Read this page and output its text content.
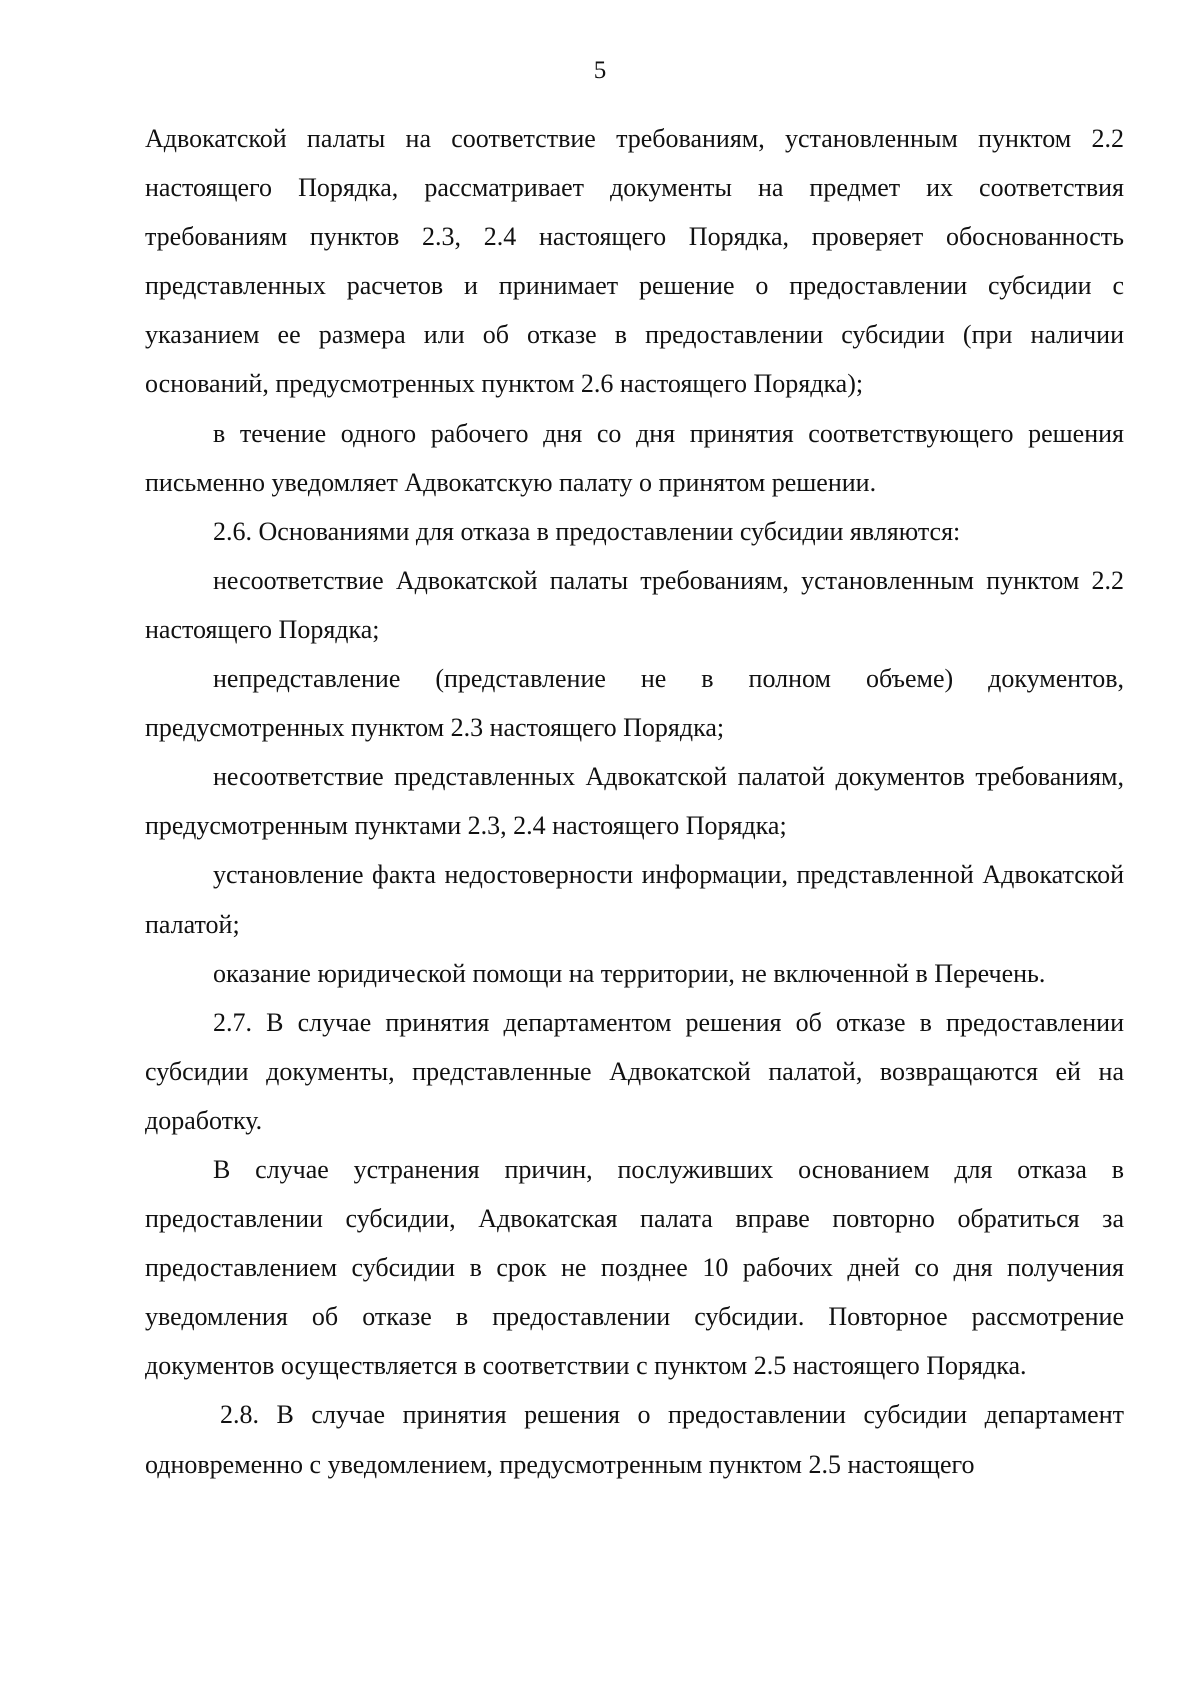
5

Адвокатской палаты на соответствие требованиям, установленным пунктом 2.2 настоящего Порядка, рассматривает документы на предмет их соответствия требованиям пунктов 2.3, 2.4 настоящего Порядка, проверяет обоснованность представленных расчетов и принимает решение о предоставлении субсидии с указанием ее размера или об отказе в предоставлении субсидии (при наличии оснований, предусмотренных пунктом 2.6 настоящего Порядка);

в течение одного рабочего дня со дня принятия соответствующего решения письменно уведомляет Адвокатскую палату о принятом решении.

2.6. Основаниями для отказа в предоставлении субсидии являются:

несоответствие Адвокатской палаты требованиям, установленным пунктом 2.2 настоящего Порядка;

непредставление (представление не в полном объеме) документов, предусмотренных пунктом 2.3 настоящего Порядка;

несоответствие представленных Адвокатской палатой документов требованиям, предусмотренным пунктами 2.3, 2.4 настоящего Порядка;

установление факта недостоверности информации, представленной Адвокатской палатой;

оказание юридической помощи на территории, не включенной в Перечень.

2.7. В случае принятия департаментом решения об отказе в предоставлении субсидии документы, представленные Адвокатской палатой, возвращаются ей на доработку.

В случае устранения причин, послуживших основанием для отказа в предоставлении субсидии, Адвокатская палата вправе повторно обратиться за предоставлением субсидии в срок не позднее 10 рабочих дней со дня получения уведомления об отказе в предоставлении субсидии. Повторное рассмотрение документов осуществляется в соответствии с пунктом 2.5 настоящего Порядка.

2.8. В случае принятия решения о предоставлении субсидии департамент одновременно с уведомлением, предусмотренным пунктом 2.5 настоящего
